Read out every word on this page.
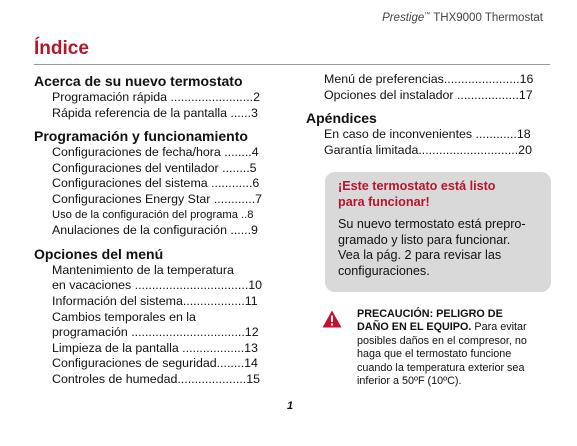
Prestige™ THX9000 Thermostat
Índice
Acerca de su nuevo termostato
Programación rápida ........................2
Rápida referencia de la pantalla ......3
Programación y funcionamiento
Configuraciones de fecha/hora ........4
Configuraciones del ventilador ........5
Configuraciones del sistema ............6
Configuraciones Energy Star ............7
Uso de la configuración del programa ..8
Anulaciones de la configuración ......9
Opciones del menú
Mantenimiento de la temperatura
en vacaciones .................................10
Información del sistema..................11
Cambios temporales en la
programación .................................12
Limpieza de la pantalla ..................13
Configuraciones de seguridad........14
Controles de humedad....................15
Menú de preferencias......................16
Opciones del instalador ..................17
Apéndices
En caso de inconvenientes ............18
Garantía limitada.............................20
¡Este termostato está listo
para funcionar!
Su nuevo termostato está prepro-
gramado y listo para funcionar.
Vea la pág. 2 para revisar las
configuraciones.
PRECAUCIÓN: PELIGRO DE
DAÑO EN EL EQUIPO. Para evitar
posibles daños en el compresor, no
haga que el termostato funcione
cuando la temperatura exterior sea
inferior a 50ºF (10ºC).
1
